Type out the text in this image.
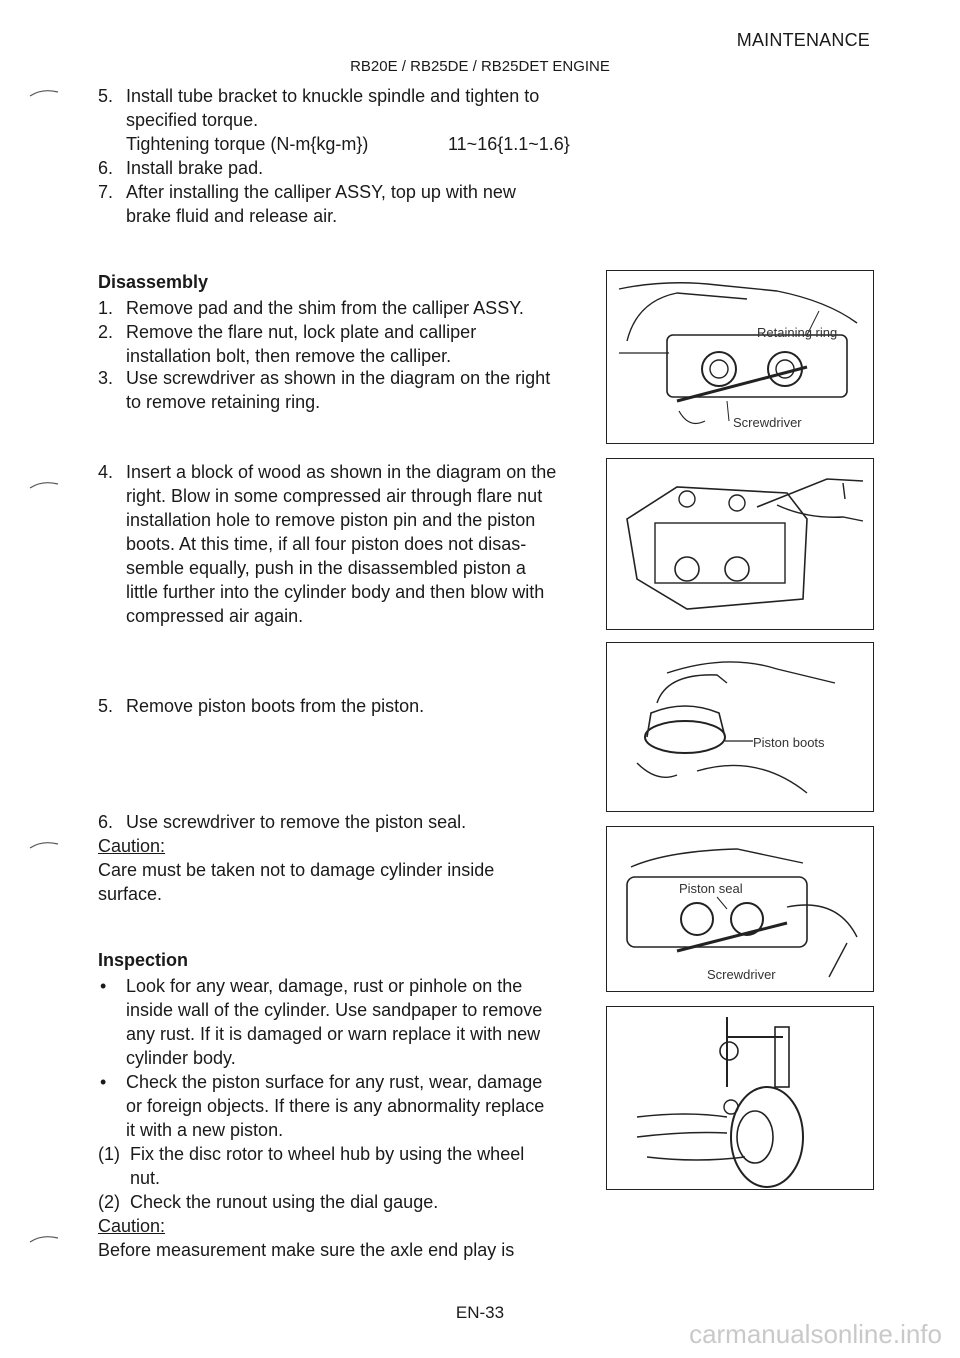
MAINTENANCE
RB20E / RB25DE / RB25DET ENGINE
5. Install tube bracket to knuckle spindle and tighten to
specified torque.
Tightening torque (N-m{kg-m})	11~16{1.1~1.6}
6. Install brake pad.
7. After installing the calliper ASSY, top up with new
brake fluid and release air.
Disassembly
1. Remove pad and the shim from the calliper ASSY.
2. Remove the flare nut, lock plate and calliper
installation bolt, then remove the calliper.
3. Use screwdriver as shown in the diagram on the right
to remove retaining ring.
4. Insert a block of wood as shown in the diagram on the
right. Blow in some compressed air through flare nut
installation hole to remove piston pin and the piston
boots. At this time, if all four piston does not disas-
semble equally, push in the disassembled piston a
little further into the cylinder body and then blow with
compressed air again.
5. Remove piston boots from the piston.
6. Use screwdriver to remove the piston seal.
Caution:
Care must be taken not to damage cylinder inside
surface.
Inspection
•	Look for any wear, damage, rust or pinhole on the
inside wall of the cylinder. Use sandpaper to remove
any rust. If it is damaged or warn replace it with new
cylinder body.
•	Check the piston surface for any rust, wear, damage
or foreign objects. If there is any abnormality replace
it with a new piston.
(1) Fix the disc rotor to wheel hub by using the wheel
nut.
(2) Check the runout using the dial gauge.
Caution:
Before measurement make sure the axle end play is
Retaining ring
Screwdriver
Piston boots
Piston seal
Screwdriver
EN-33
carmanualsonline.info
